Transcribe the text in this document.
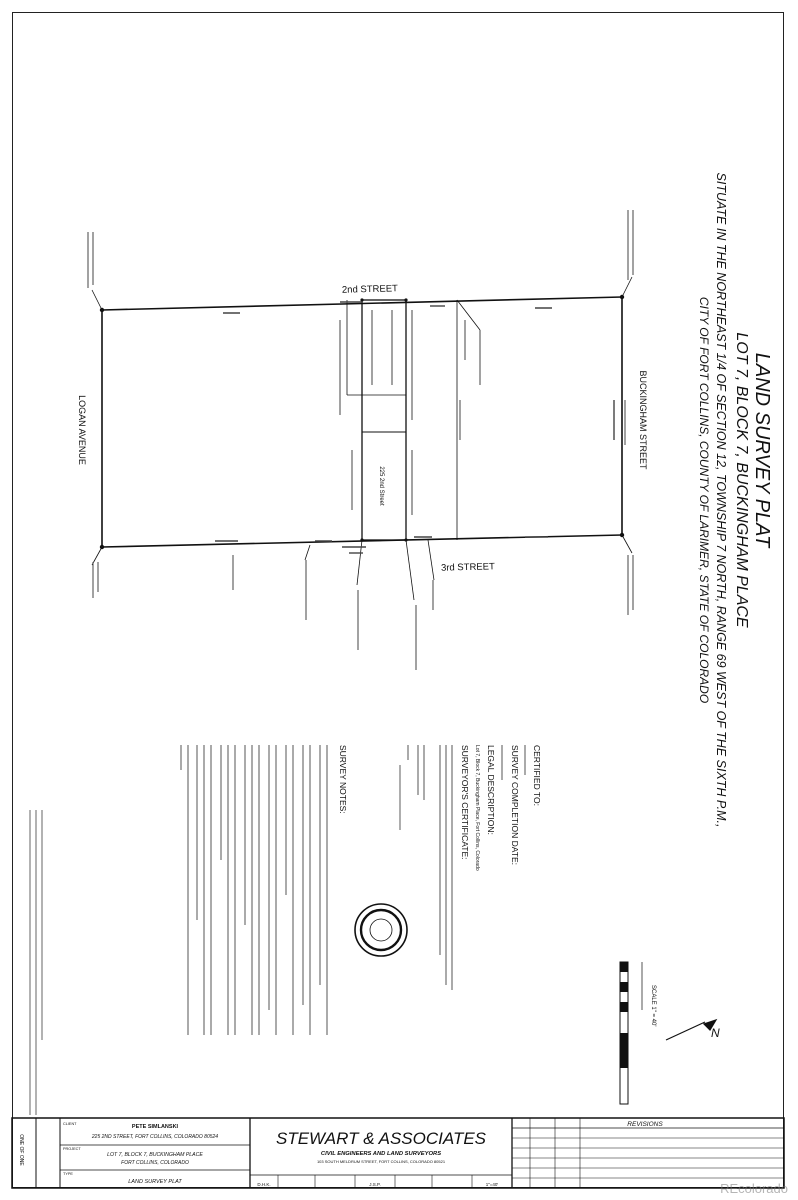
LAND SURVEY PLAT
LOT 7, BLOCK 7, BUCKINGHAM PLACE
SITUATE IN THE NORTHEAST 1/4 OF SECTION 12, TOWNSHIP 7 NORTH, RANGE 69 WEST OF THE SIXTH P.M.,
CITY OF FORT COLLINS, COUNTY OF LARIMER, STATE OF COLORADO
2nd STREET
3rd STREET
LOGAN AVENUE	BUCKINGHAM STREET
225 2nd Street
CERTIFIED TO:
SURVEY COMPLETION DATE:
LEGAL DESCRIPTION:
Lot 7, Block 7, Buckingham Place, Fort Collins, Colorado
SURVEYOR'S CERTIFICATE:
SURVEY NOTES:
SCALE 1" = 40'
N
ONE OF ONE
CLIENT	PETE SIMLANSKI
225 2ND STREET, FORT COLLINS, COLORADO 80524
PROJECT
LOT 7, BLOCK 7, BUCKINGHAM PLACE
FORT COLLINS, COLORADO
TYPE
LAND SURVEY PLAT
STEWART & ASSOCIATES
CIVIL ENGINEERS AND LAND SURVEYORS
103 SOUTH MELDRUM STREET, FORT COLLINS, COLORADO 80521
D.H.K.	J.S.P.	1"=40'
REVISIONS
REcolorado
